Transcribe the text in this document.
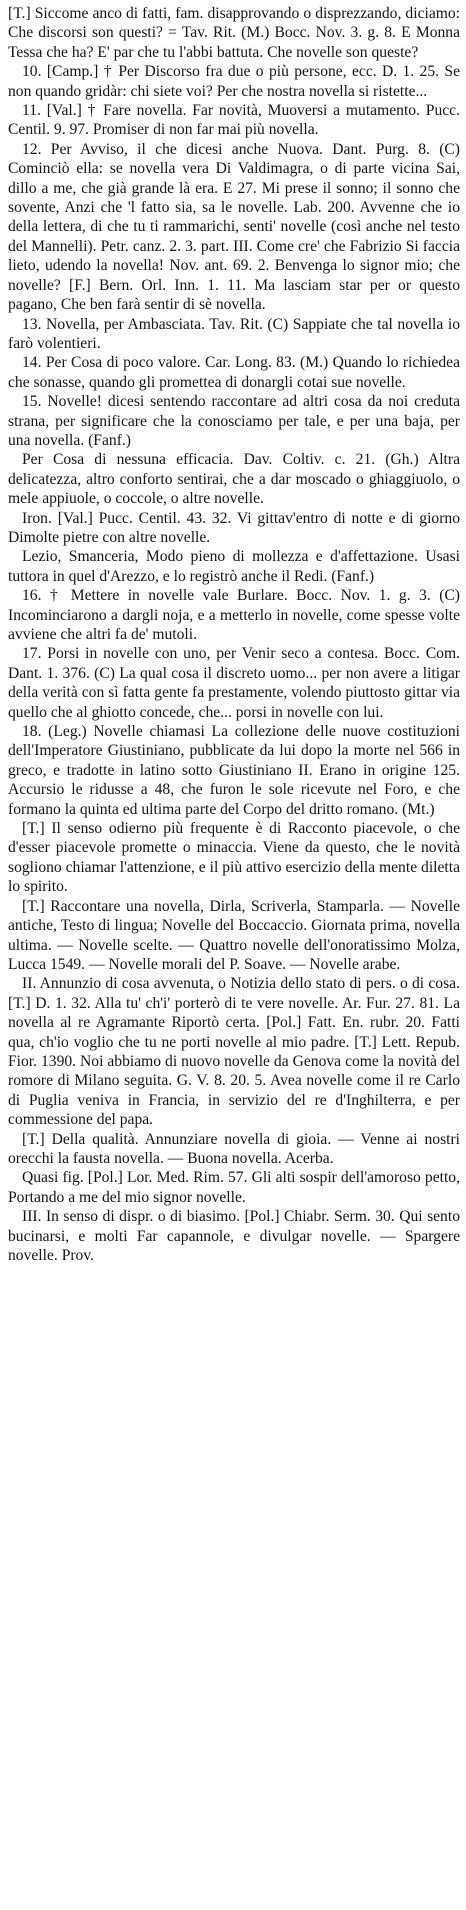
[T.] Siccome anco di fatti, fam. disapprovando o disprezzando, diciamo: Che discorsi son questi? = Tav. Rit. (M.) Bocc. Nov. 3. g. 8. E Monna Tessa che ha? E' par che tu l'abbi battuta. Che novelle son queste?

10. [Camp.] † Per Discorso fra due o più persone, ecc. D. 1. 25. Se non quando gridàr: chi siete voi? Per che nostra novella si ristette...

11. [Val.] † Fare novella. Far novità, Muoversi a mutamento. Pucc. Centil. 9. 97. Promiser di non far mai più novella.

12. Per Avviso, il che dicesi anche Nuova. Dant. Purg. 8. (C) Cominciò ella: se novella vera Di Valdimagra, o di parte vicina Sai, dillo a me, che già grande là era. E 27. Mi prese il sonno; il sonno che sovente, Anzi che 'l fatto sia, sa le novelle. Lab. 200. Avvenne che io della lettera, di che tu ti rammarichi, senti' novelle (così anche nel testo del Mannelli). Petr. canz. 2. 3. part. III. Come cre' che Fabrizio Si faccia lieto, udendo la novella! Nov. ant. 69. 2. Benvenga lo signor mio; che novelle? [F.] Bern. Orl. Inn. 1. 11. Ma lasciam star per or questo pagano, Che ben farà sentir di sè novella.

13. Novella, per Ambasciata. Tav. Rit. (C) Sappiate che tal novella io farò volentieri.

14. Per Cosa di poco valore. Car. Long. 83. (M.) Quando lo richiedea che sonasse, quando gli promettea di donargli cotai sue novelle.

15. Novelle! dicesi sentendo raccontare ad altri cosa da noi creduta strana, per significare che la conosciamo per tale, e per una baja, per una novella. (Fanf.)

Per Cosa di nessuna efficacia. Dav. Coltiv. c. 21. (Gh.) Altra delicatezza, altro conforto sentirai, che a dar moscado o ghiaggiuolo, o mele appiuole, o coccole, o altre novelle.

Iron. [Val.] Pucc. Centil. 43. 32. Vi gittav'entro di notte e di giorno Dimolte pietre con altre novelle.

Lezio, Smanceria, Modo pieno di mollezza e d'affettazione. Usasi tuttora in quel d'Arezzo, e lo registrò anche il Redi. (Fanf.)

16. † Mettere in novelle vale Burlare. Bocc. Nov. 1. g. 3. (C) Incominciarono a dargli noja, e a metterlo in novelle, come spesse volte avviene che altri fa de' mutoli.

17. Porsi in novelle con uno, per Venir seco a contesa. Bocc. Com. Dant. 1. 376. (C) La qual cosa il discreto uomo... per non avere a litigar della verità con sì fatta gente fa prestamente, volendo piuttosto gittar via quello che al ghiotto concede, che... porsi in novelle con lui.

18. (Leg.) Novelle chiamasi La collezione delle nuove costituzioni dell'Imperatore Giustiniano, pubblicate da lui dopo la morte nel 566 in greco, e tradotte in latino sotto Giustiniano II. Erano in origine 125. Accursio le ridusse a 48, che furon le sole ricevute nel Foro, e che formano la quinta ed ultima parte del Corpo del dritto romano. (Mt.)

[T.] Il senso odierno più frequente è di Racconto piacevole, o che d'esser piacevole promette o minaccia. Viene da questo, che le novità sogliono chiamar l'attenzione, e il più attivo esercizio della mente diletta lo spirito.

[T.] Raccontare una novella, Dirla, Scriverla, Stamparla. — Novelle antiche, Testo di lingua; Novelle del Boccaccio. Giornata prima, novella ultima. — Novelle scelte. — Quattro novelle dell'onoratissimo Molza, Lucca 1549. — Novelle morali del P. Soave. — Novelle arabe.

II. Annunzio di cosa avvenuta, o Notizia dello stato di pers. o di cosa. [T.] D. 1. 32. Alla tu' ch'i' porterò di te vere novelle. Ar. Fur. 27. 81. La novella al re Agramante Riportò certa. [Pol.] Fatt. En. rubr. 20. Fatti qua, ch'io voglio che tu ne porti novelle al mio padre. [T.] Lett. Repub. Fior. 1390. Noi abbiamo di nuovo novelle da Genova come la novità del romore di Milano seguita. G. V. 8. 20. 5. Avea novelle come il re Carlo di Puglia veniva in Francia, in servizio del re d'Inghilterra, e per commessione del papa.

[T.] Della qualità. Annunziare novella di gioia. — Venne ai nostri orecchi la fausta novella. — Buona novella. Acerba.

Quasi fig. [Pol.] Lor. Med. Rim. 57. Gli alti sospir dell'amoroso petto, Portando a me del mio signor novelle.

III. In senso di dispr. o di biasimo. [Pol.] Chiabr. Serm. 30. Qui sento bucinarsi, e molti Far capannole, e divulgar novelle. — Spargere novelle. Prov.
